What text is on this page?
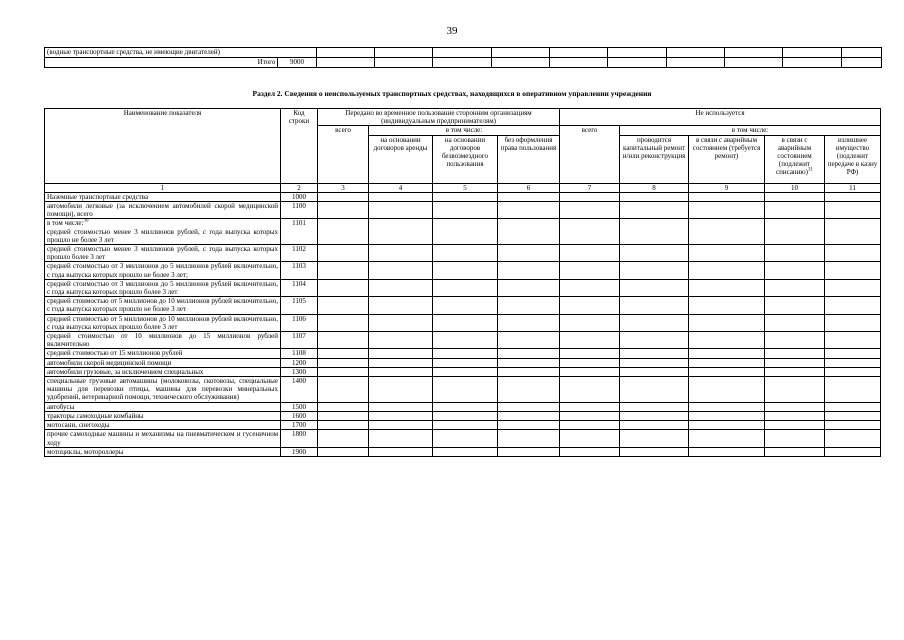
39
(водные транспортные средства, не имеющие двигателей)											
Итого	9000										
Раздел 2. Сведения о неиспользуемых транспортных средствах, находящихся в оперативном управлении учреждения
Наименование показателя	Код строки	Передано во временное пользование сторонним организациям (индивидуальным предпринимателям)				Не используется				
		всего	в том числе:			всего	в том числе:			
			на основании договоров аренды	на основании договоров безвозмездного пользования	без оформления права пользования		проводится капитальный ремонт и/или реконструкция	в связи с аварийным состоянием (требуется ремонт)	в связи с аварийным состоянием (подлежит списанию)$^{31}$	излишнее имущество (подлежит передаче в казну РФ)
1	2	3	4	5	6	7	8	9	10	11
Наземные транспортные средства	1000									
автомобили легковые (за исключением автомобилей скорой медицинской помощи), всего	1100									

в том числе:$^{30}$
средней стоимостью менее 3 миллионов рублей, с года выпуска которых прошло не более 3 лет	1101									
средней стоимостью менее 3 миллионов рублей, с года выпуска которых прошло более 3 лет	1102									
средней стоимостью от 3 миллионов до 5 миллионов рублей включительно, с года выпуска которых прошло не более 3 лет;	1103									
средней стоимостью от 3 миллионов до 5 миллионов рублей включительно, с года выпуска которых прошло более 3 лет	1104									
средней стоимостью от 5 миллионов до 10 миллионов рублей включительно, с года выпуска которых прошло не более 3 лет	1105									
средней стоимостью от 5 миллионов до 10 миллионов рублей включительно, с года выпуска которых прошло более 3 лет	1106									
средней стоимостью от 10 миллионов до 15 миллионов рублей включительно	1107									
средней стоимостью от 15 миллионов рублей	1108									
автомобили скорой медицинской помощи	1200									
автомобили грузовые, за исключением специальных	1300									
специальные грузовые автомашины (молоковозы, скотовозы, специальные машины для перевозки птицы, машины для перевозки минеральных удобрений, ветеринарной помощи, технического обслуживания)	1400									
автобусы	1500									
тракторы самоходные комбайны	1600									
мотосани, снегоходы	1700									
прочие самоходные машины и механизмы на пневматическом и гусеничном ходу	1800									
мотоциклы, мотороллеры	1900									
